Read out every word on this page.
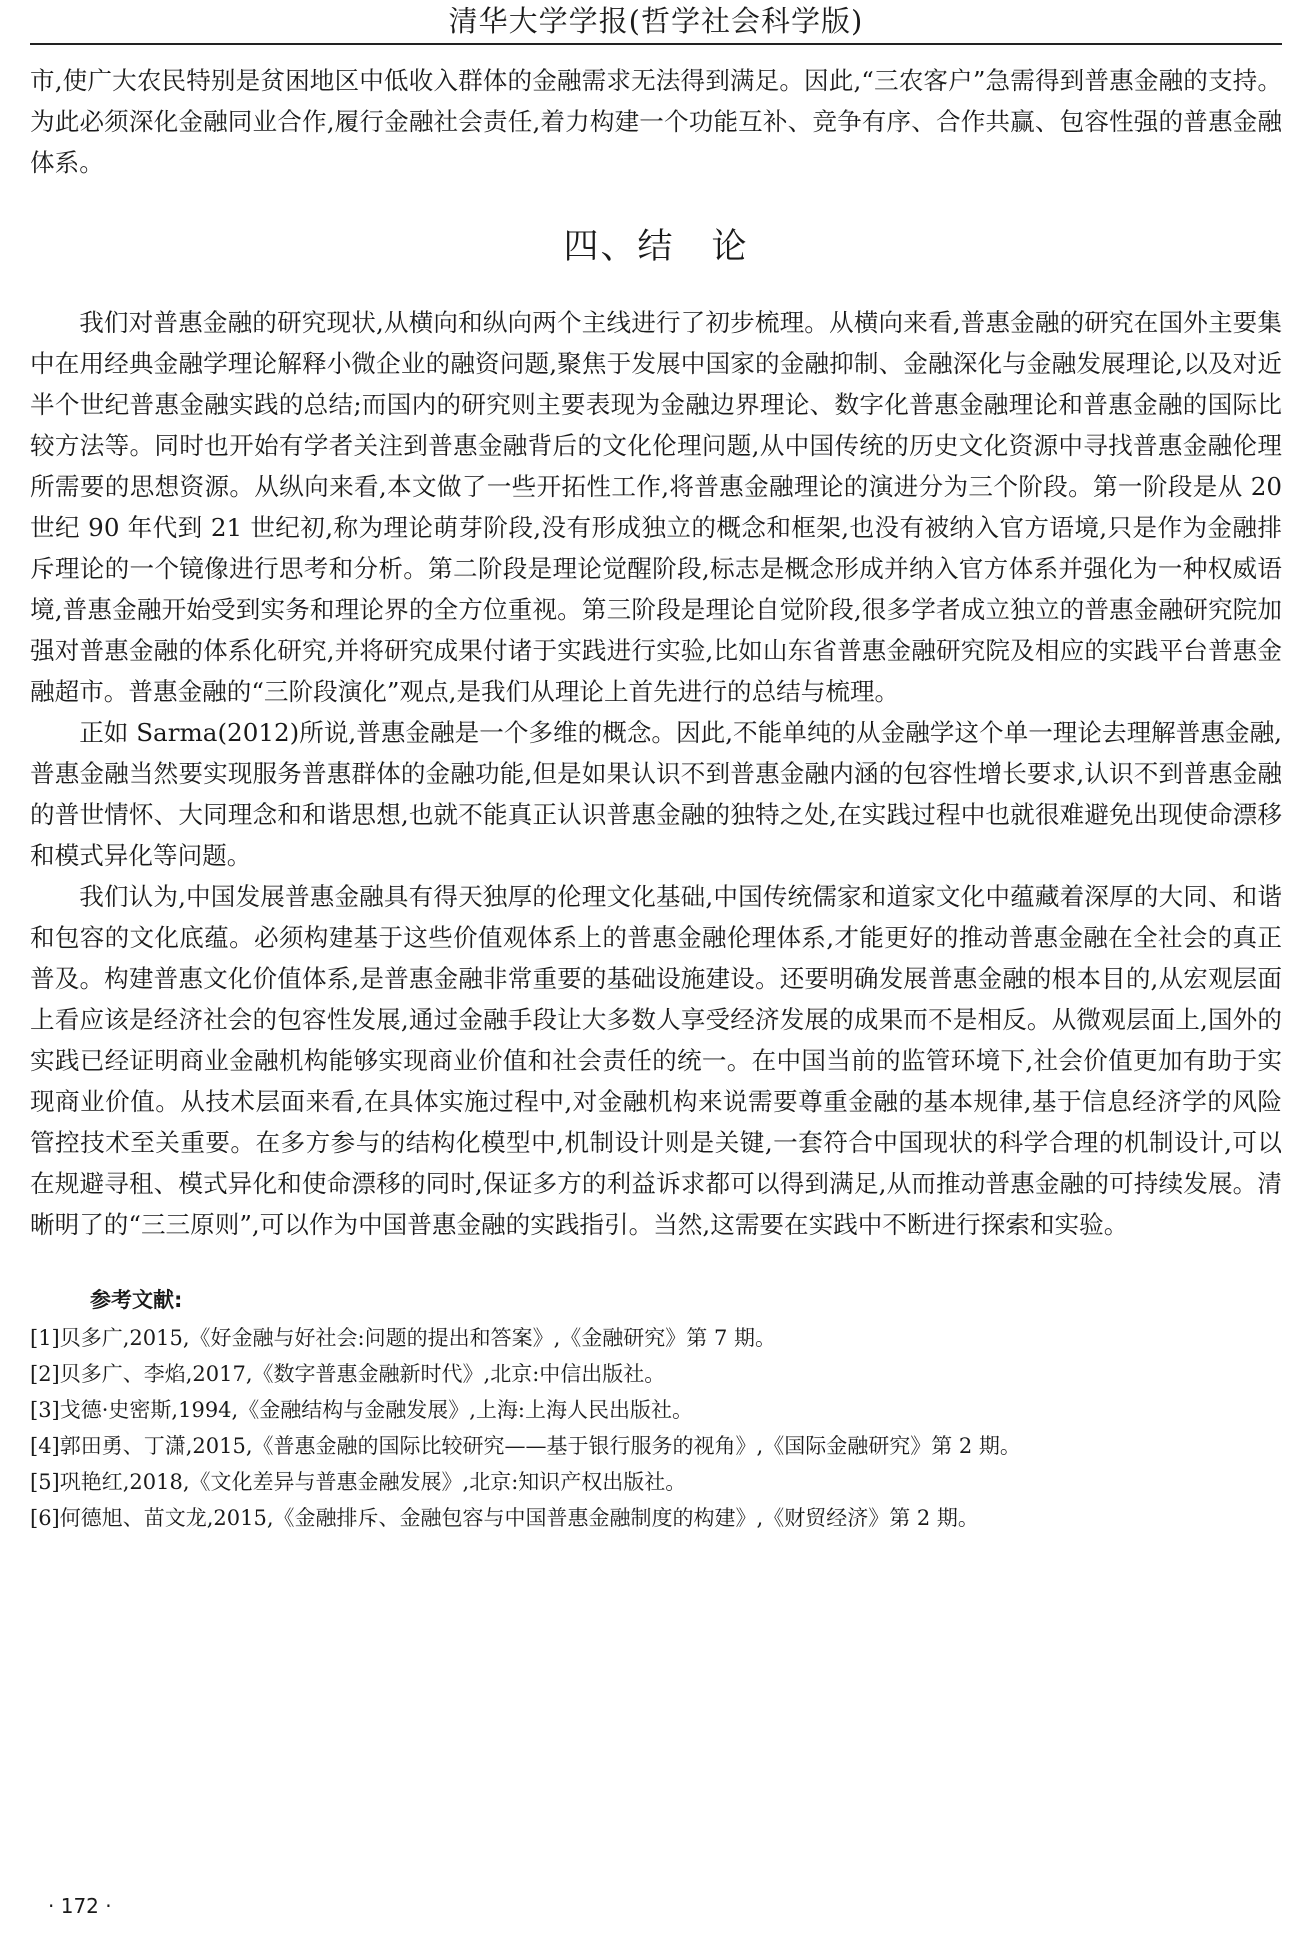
清华大学学报(哲学社会科学版)

市,使广大农民特别是贫困地区中低收入群体的金融需求无法得到满足。因此,“三农客户”急需得到普惠金融的支持。为此必须深化金融同业合作,履行金融社会责任,着力构建一个功能互补、竞争有序、合作共赢、包容性强的普惠金融体系。

四、结　论

我们对普惠金融的研究现状,从横向和纵向两个主线进行了初步梳理。从横向来看,普惠金融的研究在国外主要集中在用经典金融学理论解释小微企业的融资问题,聚焦于发展中国家的金融抑制、金融深化与金融发展理论,以及对近半个世纪普惠金融实践的总结;而国内的研究则主要表现为金融边界理论、数字化普惠金融理论和普惠金融的国际比较方法等。同时也开始有学者关注到普惠金融背后的文化伦理问题,从中国传统的历史文化资源中寻找普惠金融伦理所需要的思想资源。从纵向来看,本文做了一些开拓性工作,将普惠金融理论的演进分为三个阶段。第一阶段是从 20 世纪 90 年代到 21 世纪初,称为理论萌芽阶段,没有形成独立的概念和框架,也没有被纳入官方语境,只是作为金融排斥理论的一个镜像进行思考和分析。第二阶段是理论觉醒阶段,标志是概念形成并纳入官方体系并强化为一种权威语境,普惠金融开始受到实务和理论界的全方位重视。第三阶段是理论自觉阶段,很多学者成立独立的普惠金融研究院加强对普惠金融的体系化研究,并将研究成果付诸于实践进行实验,比如山东省普惠金融研究院及相应的实践平台普惠金融超市。普惠金融的“三阶段演化”观点,是我们从理论上首先进行的总结与梳理。

正如 Sarma(2012)所说,普惠金融是一个多维的概念。因此,不能单纯的从金融学这个单一理论去理解普惠金融,普惠金融当然要实现服务普惠群体的金融功能,但是如果认识不到普惠金融内涵的包容性增长要求,认识不到普惠金融的普世情怀、大同理念和和谐思想,也就不能真正认识普惠金融的独特之处,在实践过程中也就很难避免出现使命漂移和模式异化等问题。

我们认为,中国发展普惠金融具有得天独厚的伦理文化基础,中国传统儒家和道家文化中蕴藏着深厚的大同、和谐和包容的文化底蕴。必须构建基于这些价值观体系上的普惠金融伦理体系,才能更好的推动普惠金融在全社会的真正普及。构建普惠文化价值体系,是普惠金融非常重要的基础设施建设。还要明确发展普惠金融的根本目的,从宏观层面上看应该是经济社会的包容性发展,通过金融手段让大多数人享受经济发展的成果而不是相反。从微观层面上,国外的实践已经证明商业金融机构能够实现商业价值和社会责任的统一。在中国当前的监管环境下,社会价值更加有助于实现商业价值。从技术层面来看,在具体实施过程中,对金融机构来说需要尊重金融的基本规律,基于信息经济学的风险管控技术至关重要。在多方参与的结构化模型中,机制设计则是关键,一套符合中国现状的科学合理的机制设计,可以在规避寻租、模式异化和使命漂移的同时,保证多方的利益诉求都可以得到满足,从而推动普惠金融的可持续发展。清晰明了的“三三原则”,可以作为中国普惠金融的实践指引。当然,这需要在实践中不断进行探索和实验。

参考文献:
[1]贝多广,2015,《好金融与好社会:问题的提出和答案》,《金融研究》第 7 期。
[2]贝多广、李焰,2017,《数字普惠金融新时代》,北京:中信出版社。
[3]戈德·史密斯,1994,《金融结构与金融发展》,上海:上海人民出版社。
[4]郭田勇、丁潇,2015,《普惠金融的国际比较研究——基于银行服务的视角》,《国际金融研究》第 2 期。
[5]巩艳红,2018,《文化差异与普惠金融发展》,北京:知识产权出版社。
[6]何德旭、苗文龙,2015,《金融排斥、金融包容与中国普惠金融制度的构建》,《财贸经济》第 2 期。
· 172 ·
